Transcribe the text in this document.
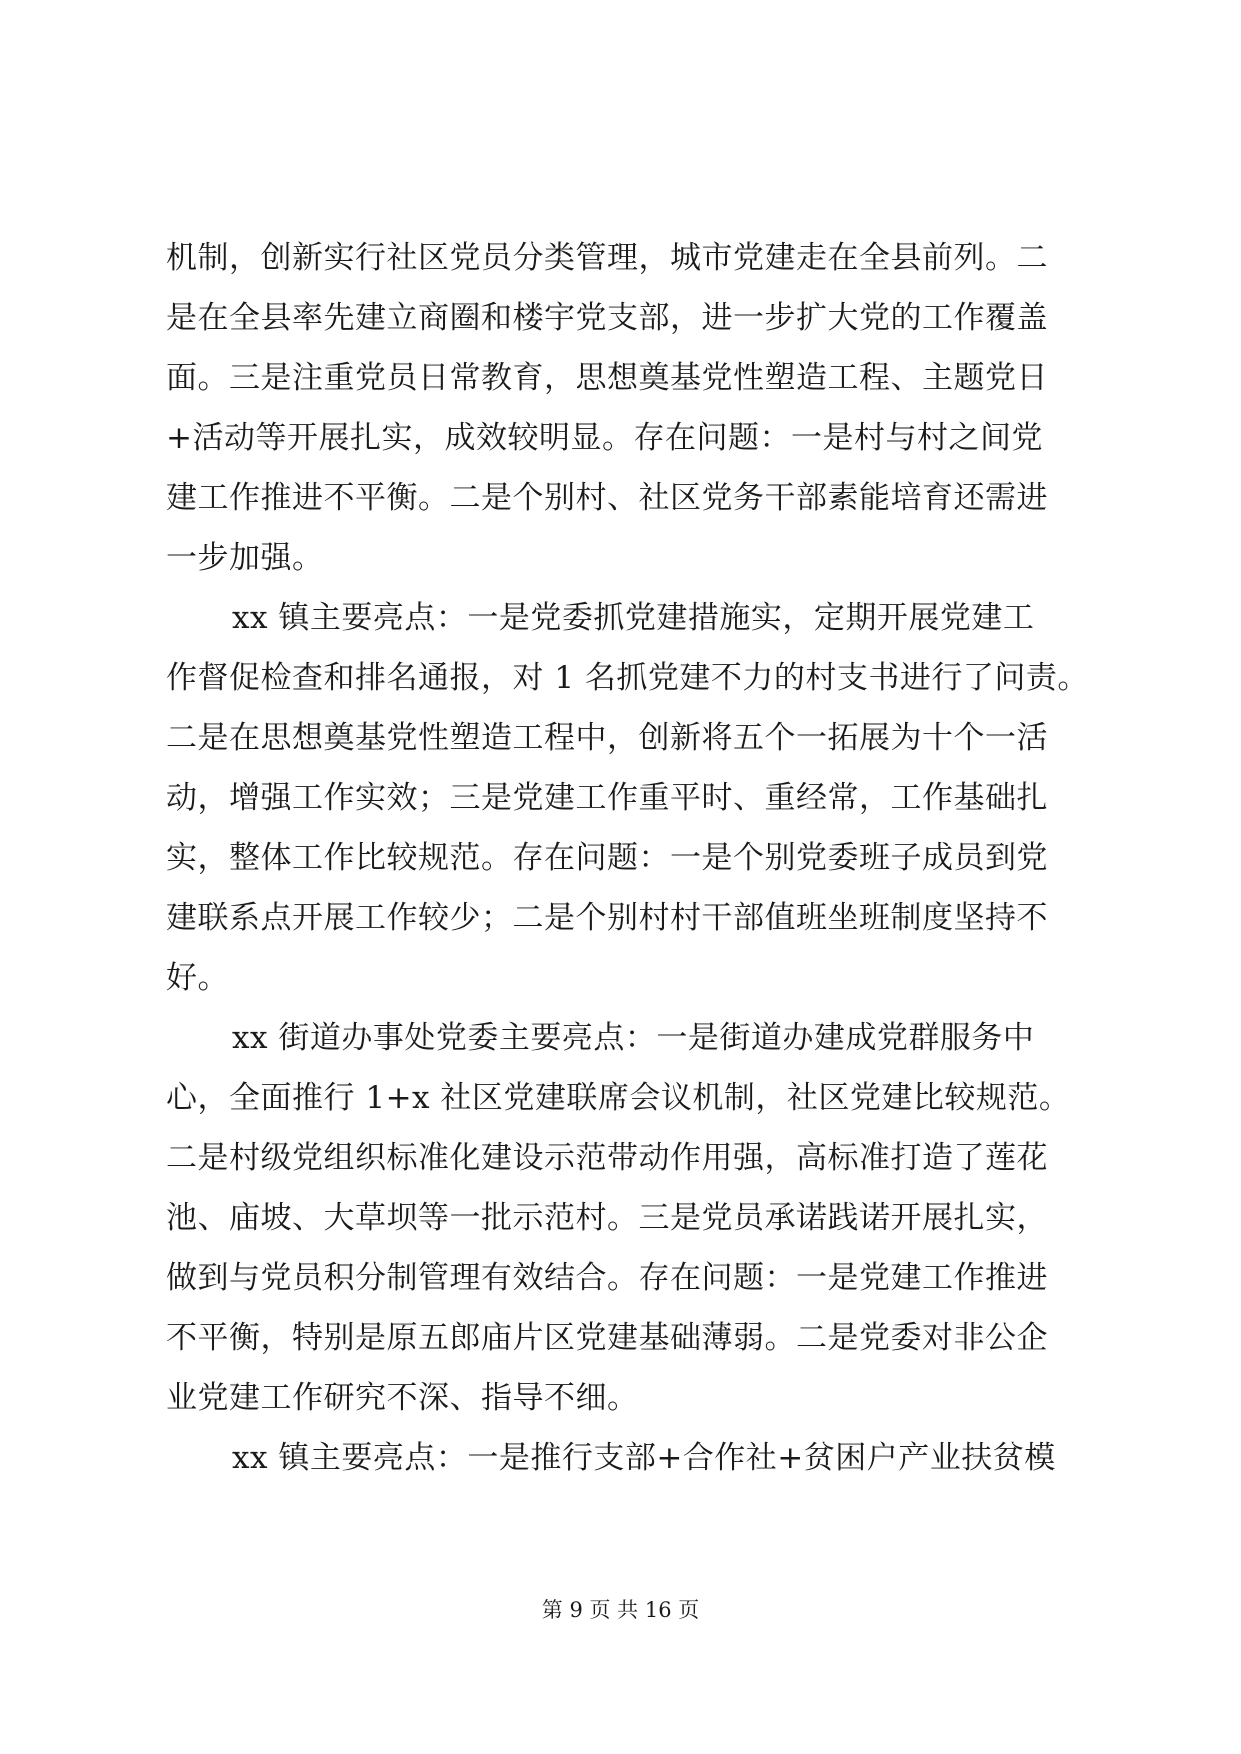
机制，创新实行社区党员分类管理，城市党建走在全县前列。二
是在全县率先建立商圈和楼宇党支部，进一步扩大党的工作覆盖
面。三是注重党员日常教育，思想奠基党性塑造工程、主题党日
+活动等开展扎实，成效较明显。存在问题：一是村与村之间党
建工作推进不平衡。二是个别村、社区党务干部素能培育还需进
一步加强。
xx 镇主要亮点：一是党委抓党建措施实，定期开展党建工
作督促检查和排名通报，对 1 名抓党建不力的村支书进行了问责。
二是在思想奠基党性塑造工程中，创新将五个一拓展为十个一活
动，增强工作实效；三是党建工作重平时、重经常，工作基础扎
实，整体工作比较规范。存在问题：一是个别党委班子成员到党
建联系点开展工作较少；二是个别村村干部值班坐班制度坚持不
好。
xx 街道办事处党委主要亮点：一是街道办建成党群服务中
心，全面推行 1+x 社区党建联席会议机制，社区党建比较规范。
二是村级党组织标准化建设示范带动作用强，高标准打造了莲花
池、庙坡、大草坝等一批示范村。三是党员承诺践诺开展扎实，
做到与党员积分制管理有效结合。存在问题：一是党建工作推进
不平衡，特别是原五郎庙片区党建基础薄弱。二是党委对非公企
业党建工作研究不深、指导不细。
xx 镇主要亮点：一是推行支部+合作社+贫困户产业扶贫模
第 9 页 共 16 页
